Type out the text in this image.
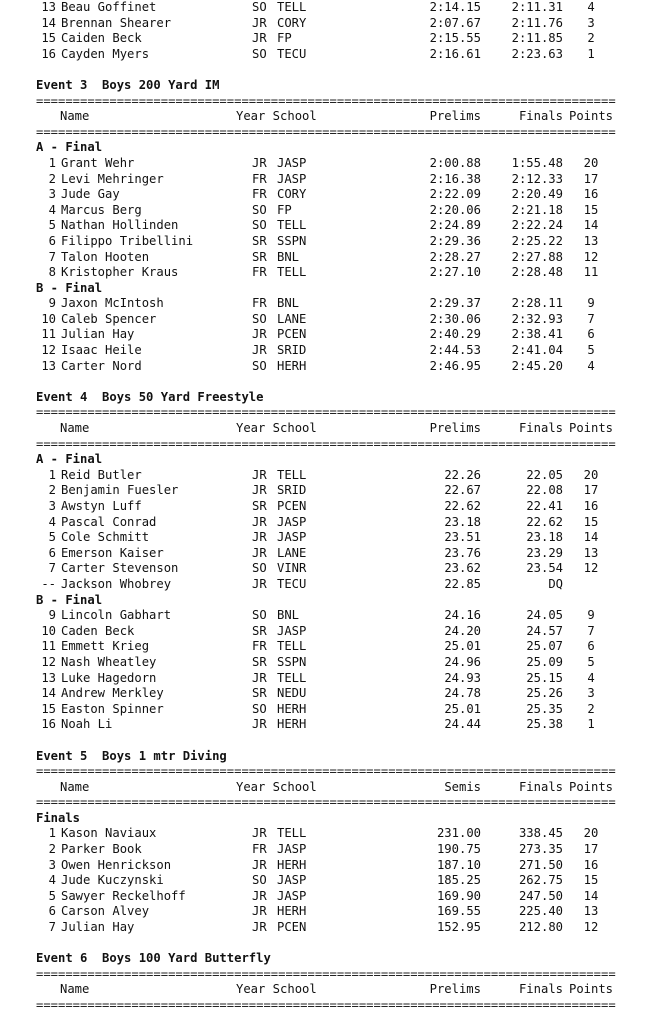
13 Beau Goffinet	SO TELL	2:14.15	2:11.31	4
14 Brennan Shearer	JR CORY	2:07.67	2:11.76	3
15 Caiden Beck	JR FP	2:15.55	2:11.85	2
16 Cayden Myers	SO TECU	2:16.61	2:23.63	1
Event 3  Boys 200 Yard IM
===============================================================================
Name	Year School	Prelims	Finals Points
===============================================================================
A - Final
1 Grant Wehr	JR JASP	2:00.88	1:55.48	20
2 Levi Mehringer	FR JASP	2:16.38	2:12.33	17
3 Jude Gay	FR CORY	2:22.09	2:20.49	16
4 Marcus Berg	SO FP	2:20.06	2:21.18	15
5 Nathan Hollinden	SO TELL	2:24.89	2:22.24	14
6 Filippo Tribellini	SR SSPN	2:29.36	2:25.22	13
7 Talon Hooten	SR BNL	2:28.27	2:27.88	12
8 Kristopher Kraus	FR TELL	2:27.10	2:28.48	11
B - Final
9 Jaxon McIntosh	FR BNL	2:29.37	2:28.11	9
10 Caleb Spencer	SO LANE	2:30.06	2:32.93	7
11 Julian Hay	JR PCEN	2:40.29	2:38.41	6
12 Isaac Heile	JR SRID	2:44.53	2:41.04	5
13 Carter Nord	SO HERH	2:46.95	2:45.20	4
Event 4  Boys 50 Yard Freestyle
===============================================================================
Name	Year School	Prelims	Finals Points
===============================================================================
A - Final
1 Reid Butler	JR TELL	22.26	22.05	20
2 Benjamin Fuesler	JR SRID	22.67	22.08	17
3 Awstyn Luff	SR PCEN	22.62	22.41	16
4 Pascal Conrad	JR JASP	23.18	22.62	15
5 Cole Schmitt	JR JASP	23.51	23.18	14
6 Emerson Kaiser	JR LANE	23.76	23.29	13
7 Carter Stevenson	SO VINR	23.62	23.54	12
-- Jackson Whobrey	JR TECU	22.85	DQ
B - Final
9 Lincoln Gabhart	SO BNL	24.16	24.05	9
10 Caden Beck	SR JASP	24.20	24.57	7
11 Emmett Krieg	FR TELL	25.01	25.07	6
12 Nash Wheatley	SR SSPN	24.96	25.09	5
13 Luke Hagedorn	JR TELL	24.93	25.15	4
14 Andrew Merkley	SR NEDU	24.78	25.26	3
15 Easton Spinner	SO HERH	25.01	25.35	2
16 Noah Li	JR HERH	24.44	25.38	1
Event 5  Boys 1 mtr Diving
===============================================================================
Name	Year School	Semis	Finals Points
===============================================================================
Finals
1 Kason Naviaux	JR TELL	231.00	338.45	20
2 Parker Book	FR JASP	190.75	273.35	17
3 Owen Henrickson	JR HERH	187.10	271.50	16
4 Jude Kuczynski	SO JASP	185.25	262.75	15
5 Sawyer Reckelhoff	JR JASP	169.90	247.50	14
6 Carson Alvey	JR HERH	169.55	225.40	13
7 Julian Hay	JR PCEN	152.95	212.80	12
Event 6  Boys 100 Yard Butterfly
===============================================================================
Name	Year School	Prelims	Finals Points
===============================================================================
